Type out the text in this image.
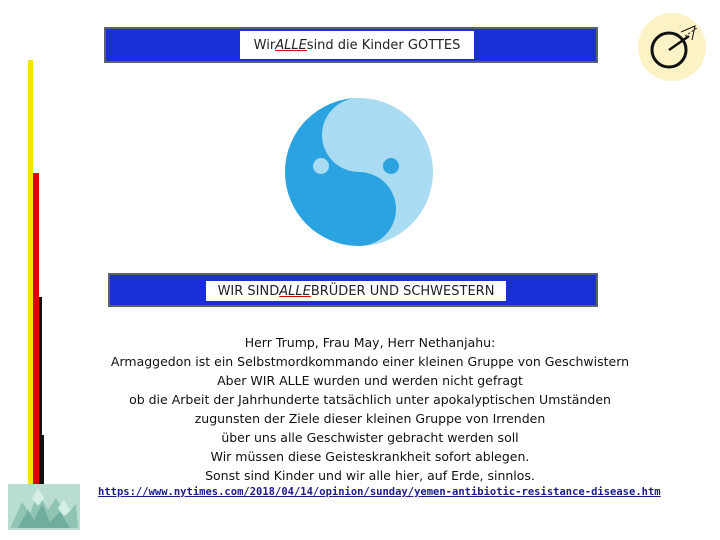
Wir ALLE sind die Kinder GOTTES
WIR SIND ALLE BRÜDER UND SCHWESTERN
Herr Trump, Frau May, Herr Nethanjahu:
Armaggedon ist ein Selbstmordkommando einer kleinen Gruppe von Geschwistern
Aber WIR ALLE wurden und werden nicht gefragt
ob die Arbeit der Jahrhunderte tatsächlich unter apokalyptischen Umständen
zugunsten der Ziele dieser kleinen Gruppe von Irrenden
über uns alle Geschwister gebracht werden soll
Wir müssen diese Geisteskrankheit sofort ablegen.
Sonst sind Kinder und wir alle hier, auf Erde, sinnlos.
https://www.nytimes.com/2018/04/14/opinion/sunday/yemen-antibiotic-resistance-disease.htm
